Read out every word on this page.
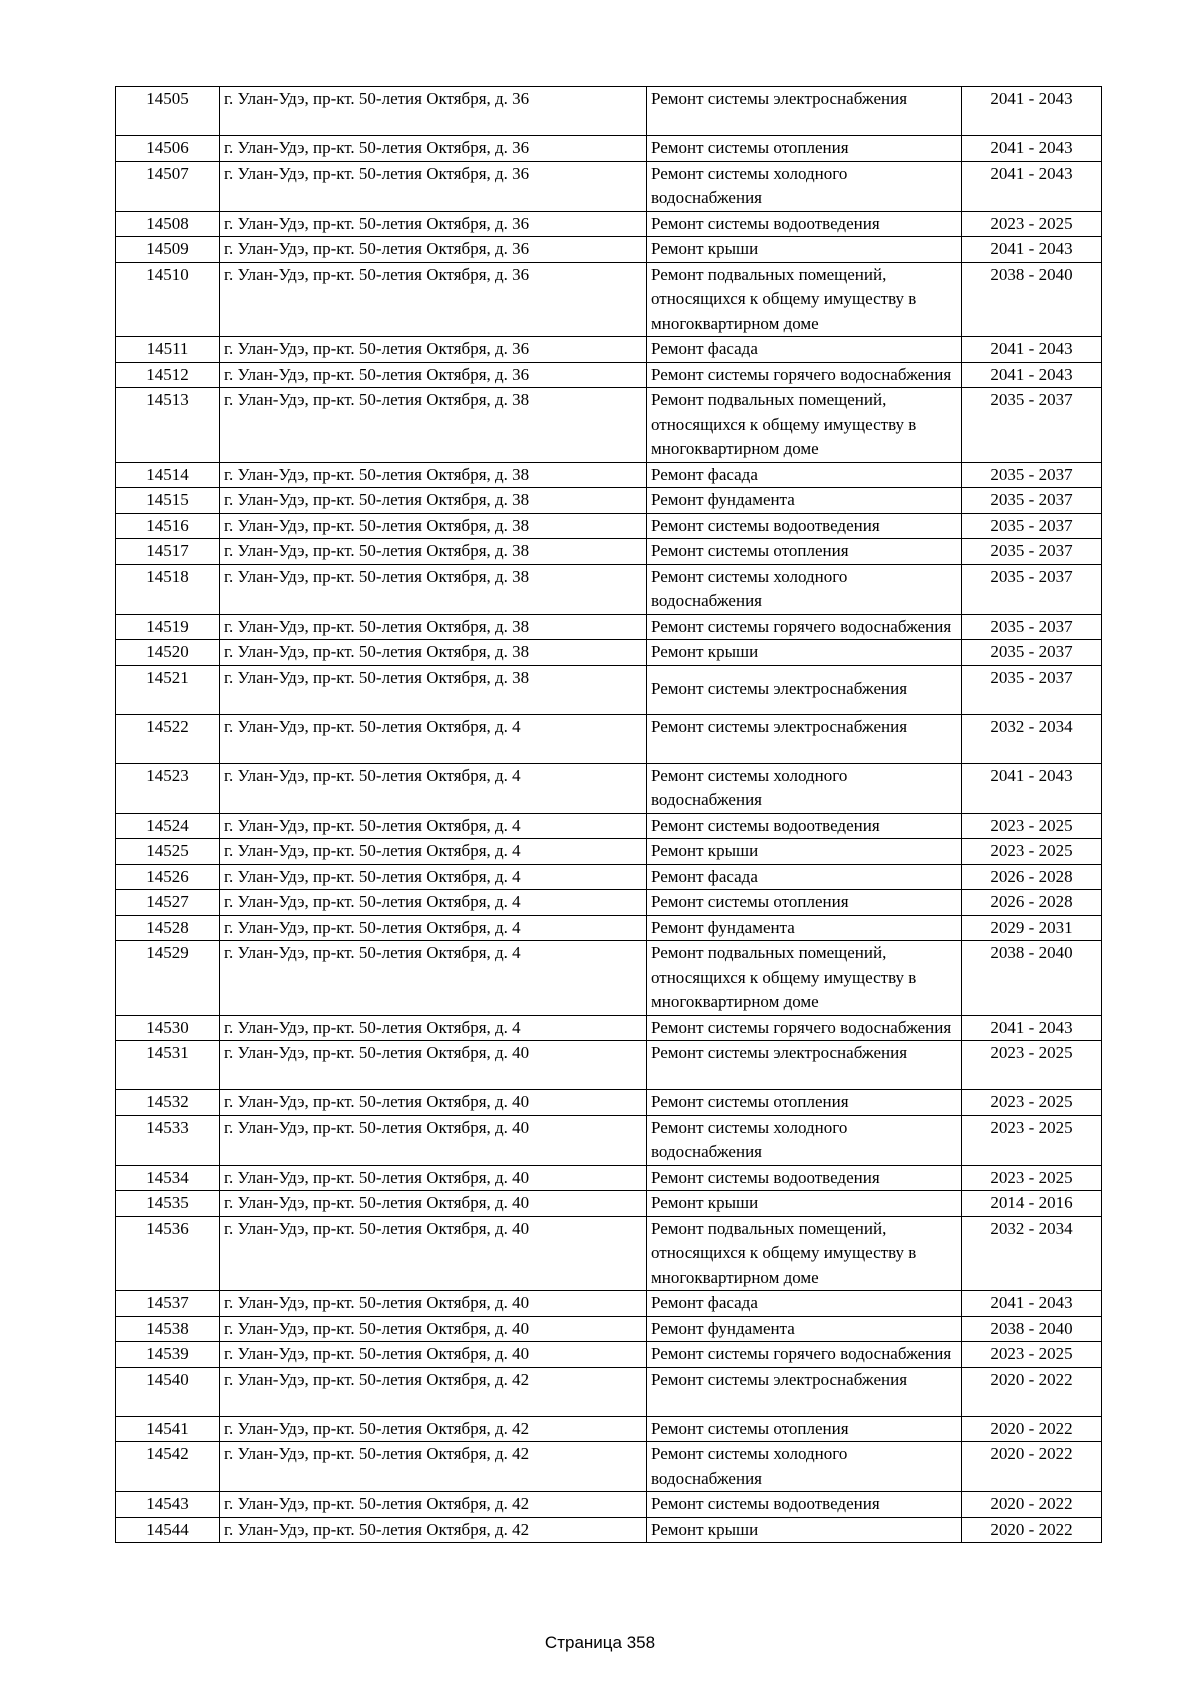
14505	г. Улан-Удэ, пр-кт. 50-летия Октября, д. 36	Ремонт системы электроснабжения	2041 - 2043
14506	г. Улан-Удэ, пр-кт. 50-летия Октября, д. 36	Ремонт системы отопления	2041 - 2043
14507	г. Улан-Удэ, пр-кт. 50-летия Октября, д. 36	Ремонт системы холодного водоснабжения	2041 - 2043
14508	г. Улан-Удэ, пр-кт. 50-летия Октября, д. 36	Ремонт системы водоотведения	2023 - 2025
14509	г. Улан-Удэ, пр-кт. 50-летия Октября, д. 36	Ремонт крыши	2041 - 2043
14510	г. Улан-Удэ, пр-кт. 50-летия Октября, д. 36	Ремонт подвальных помещений, относящихся к общему имуществу в многоквартирном доме	2038 - 2040
14511	г. Улан-Удэ, пр-кт. 50-летия Октября, д. 36	Ремонт фасада	2041 - 2043
14512	г. Улан-Удэ, пр-кт. 50-летия Октября, д. 36	Ремонт системы горячего водоснабжения	2041 - 2043
14513	г. Улан-Удэ, пр-кт. 50-летия Октября, д. 38	Ремонт подвальных помещений, относящихся к общему имуществу в многоквартирном доме	2035 - 2037
14514	г. Улан-Удэ, пр-кт. 50-летия Октября, д. 38	Ремонт фасада	2035 - 2037
14515	г. Улан-Удэ, пр-кт. 50-летия Октября, д. 38	Ремонт фундамента	2035 - 2037
14516	г. Улан-Удэ, пр-кт. 50-летия Октября, д. 38	Ремонт системы водоотведения	2035 - 2037
14517	г. Улан-Удэ, пр-кт. 50-летия Октября, д. 38	Ремонт системы отопления	2035 - 2037
14518	г. Улан-Удэ, пр-кт. 50-летия Октября, д. 38	Ремонт системы холодного водоснабжения	2035 - 2037
14519	г. Улан-Удэ, пр-кт. 50-летия Октября, д. 38	Ремонт системы горячего водоснабжения	2035 - 2037
14520	г. Улан-Удэ, пр-кт. 50-летия Октября, д. 38	Ремонт крыши	2035 - 2037
14521	г. Улан-Удэ, пр-кт. 50-летия Октября, д. 38	Ремонт системы электроснабжения	2035 - 2037
14522	г. Улан-Удэ, пр-кт. 50-летия Октября, д. 4	Ремонт системы электроснабжения	2032 - 2034
14523	г. Улан-Удэ, пр-кт. 50-летия Октября, д. 4	Ремонт системы холодного водоснабжения	2041 - 2043
14524	г. Улан-Удэ, пр-кт. 50-летия Октября, д. 4	Ремонт системы водоотведения	2023 - 2025
14525	г. Улан-Удэ, пр-кт. 50-летия Октября, д. 4	Ремонт крыши	2023 - 2025
14526	г. Улан-Удэ, пр-кт. 50-летия Октября, д. 4	Ремонт фасада	2026 - 2028
14527	г. Улан-Удэ, пр-кт. 50-летия Октября, д. 4	Ремонт системы отопления	2026 - 2028
14528	г. Улан-Удэ, пр-кт. 50-летия Октября, д. 4	Ремонт фундамента	2029 - 2031
14529	г. Улан-Удэ, пр-кт. 50-летия Октября, д. 4	Ремонт подвальных помещений, относящихся к общему имуществу в многоквартирном доме	2038 - 2040
14530	г. Улан-Удэ, пр-кт. 50-летия Октября, д. 4	Ремонт системы горячего водоснабжения	2041 - 2043
14531	г. Улан-Удэ, пр-кт. 50-летия Октября, д. 40	Ремонт системы электроснабжения	2023 - 2025
14532	г. Улан-Удэ, пр-кт. 50-летия Октября, д. 40	Ремонт системы отопления	2023 - 2025
14533	г. Улан-Удэ, пр-кт. 50-летия Октября, д. 40	Ремонт системы холодного водоснабжения	2023 - 2025
14534	г. Улан-Удэ, пр-кт. 50-летия Октября, д. 40	Ремонт системы водоотведения	2023 - 2025
14535	г. Улан-Удэ, пр-кт. 50-летия Октября, д. 40	Ремонт крыши	2014 - 2016
14536	г. Улан-Удэ, пр-кт. 50-летия Октября, д. 40	Ремонт подвальных помещений, относящихся к общему имуществу в многоквартирном доме	2032 - 2034
14537	г. Улан-Удэ, пр-кт. 50-летия Октября, д. 40	Ремонт фасада	2041 - 2043
14538	г. Улан-Удэ, пр-кт. 50-летия Октября, д. 40	Ремонт фундамента	2038 - 2040
14539	г. Улан-Удэ, пр-кт. 50-летия Октября, д. 40	Ремонт системы горячего водоснабжения	2023 - 2025
14540	г. Улан-Удэ, пр-кт. 50-летия Октября, д. 42	Ремонт системы электроснабжения	2020 - 2022
14541	г. Улан-Удэ, пр-кт. 50-летия Октября, д. 42	Ремонт системы отопления	2020 - 2022
14542	г. Улан-Удэ, пр-кт. 50-летия Октября, д. 42	Ремонт системы холодного водоснабжения	2020 - 2022
14543	г. Улан-Удэ, пр-кт. 50-летия Октября, д. 42	Ремонт системы водоотведения	2020 - 2022
14544	г. Улан-Удэ, пр-кт. 50-летия Октября, д. 42	Ремонт крыши	2020 - 2022
Страница 358
